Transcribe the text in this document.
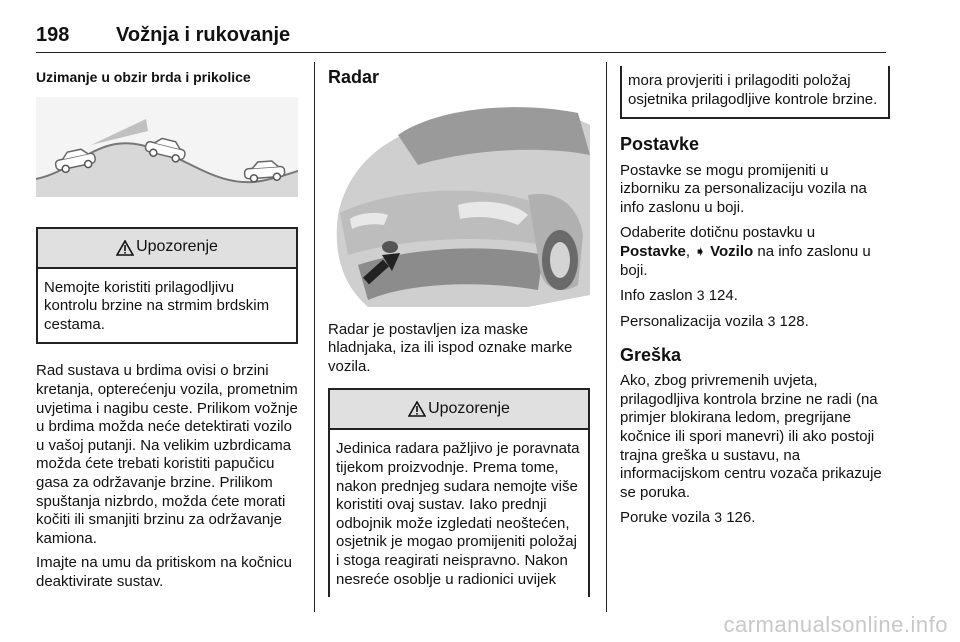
198 Vožnja i rukovanje
Uzimanje u obzir brda i prikolice
Upozorenje
Nemojte koristiti prilagodljivu kontrolu brzine na strmim brdskim cestama.

Rad sustava u brdima ovisi o brzini kretanja, opterećenju vozila, prometnim uvjetima i nagibu ceste. Prilikom vožnje u brdima možda neće detektirati vozilo u vašoj putanji. Na velikim uzbrdicama možda ćete trebati koristiti papučicu gasa za održavanje brzine. Prilikom spuštanja nizbrdo, možda ćete morati kočiti ili smanjiti brzinu za održavanje kamiona.

Imajte na umu da pritiskom na kočnicu deaktivirate sustav.

Radar

Radar je postavljen iza maske hladnjaka, iza ili ispod oznake marke vozila.

Upozorenje
Jedinica radara pažljivo je poravnata tijekom proizvodnje. Prema tome, nakon prednjeg sudara nemojte više koristiti ovaj sustav. Iako prednji odbojnik može izgledati neoštećen, osjetnik je mogao promijeniti položaj i stoga reagirati neispravno. Nakon nesreće osoblje u radionici uvijek
mora provjeriti i prilagoditi položaj osjetnika prilagodljive kontrole brzine.
Postavke

Postavke se mogu promijeniti u izborniku za personalizaciju vozila na info zaslonu u boji.

Odaberite dotičnu postavku u Postavke, ➧ Vozilo na info zaslonu u boji.

Info zaslon 3 124.

Personalizacija vozila 3 128.

Greška

Ako, zbog privremenih uvjeta, prilagodljiva kontrola brzine ne radi (na primjer blokirana ledom, pregrijane kočnice ili spori manevri) ili ako postoji trajna greška u sustavu, na informacijskom centru vozača prikazuje se poruka.

Poruke vozila 3 126.

carmanualsonline.info
